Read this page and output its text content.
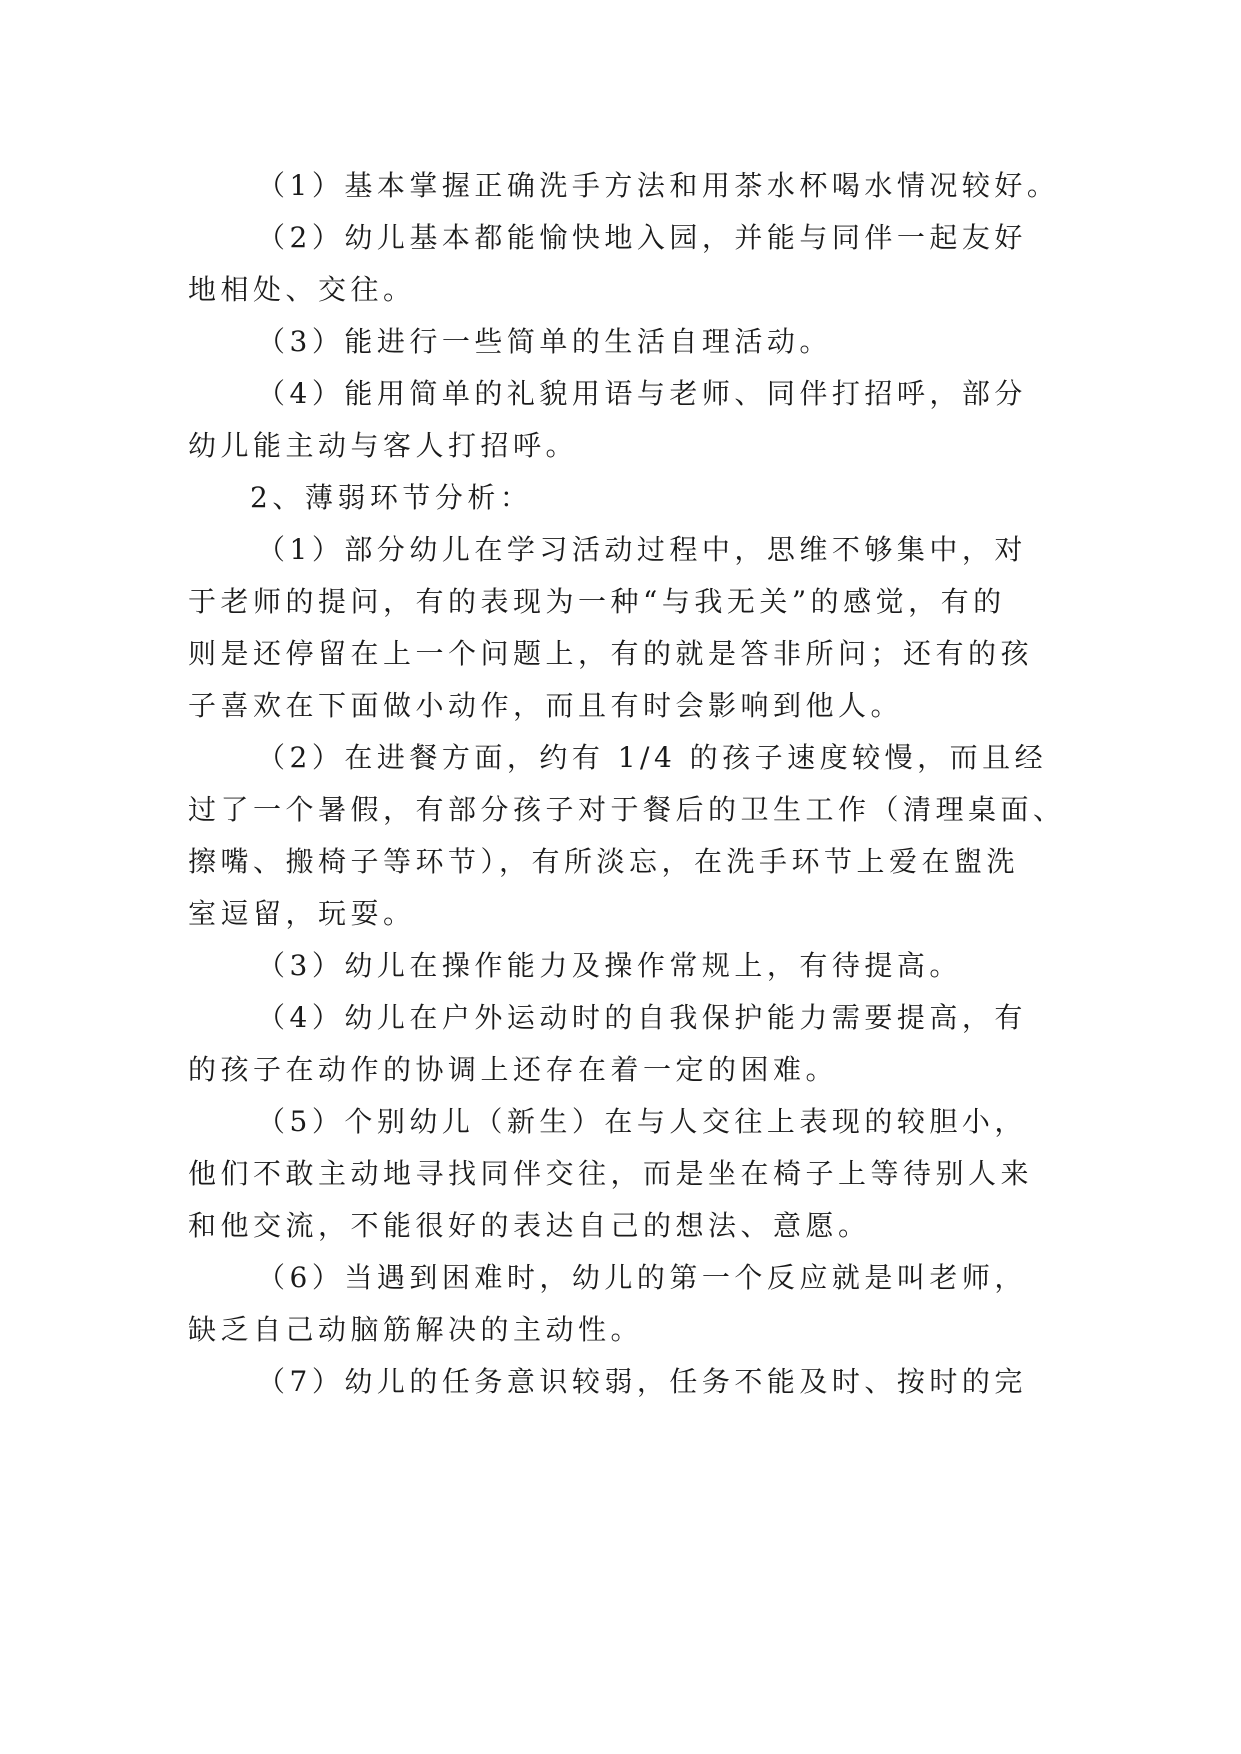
（1）基本掌握正确洗手方法和用茶水杯喝水情况较好。

（2）幼儿基本都能愉快地入园，并能与同伴一起友好

地相处、交往。

（3）能进行一些简单的生活自理活动。

（4）能用简单的礼貌用语与老师、同伴打招呼，部分

幼儿能主动与客人打招呼。

2、薄弱环节分析：

（1）部分幼儿在学习活动过程中，思维不够集中，对

于老师的提问，有的表现为一种“与我无关”的感觉，有的

则是还停留在上一个问题上，有的就是答非所问；还有的孩

子喜欢在下面做小动作，而且有时会影响到他人。

（2）在进餐方面，约有 1/4 的孩子速度较慢，而且经

过了一个暑假，有部分孩子对于餐后的卫生工作（清理桌面、

擦嘴、搬椅子等环节），有所淡忘，在洗手环节上爱在盥洗

室逗留，玩耍。

（3）幼儿在操作能力及操作常规上，有待提高。

（4）幼儿在户外运动时的自我保护能力需要提高，有

的孩子在动作的协调上还存在着一定的困难。

（5）个别幼儿（新生）在与人交往上表现的较胆小，

他们不敢主动地寻找同伴交往，而是坐在椅子上等待别人来

和他交流，不能很好的表达自己的想法、意愿。

（6）当遇到困难时，幼儿的第一个反应就是叫老师，

缺乏自己动脑筋解决的主动性。

（7）幼儿的任务意识较弱，任务不能及时、按时的完
